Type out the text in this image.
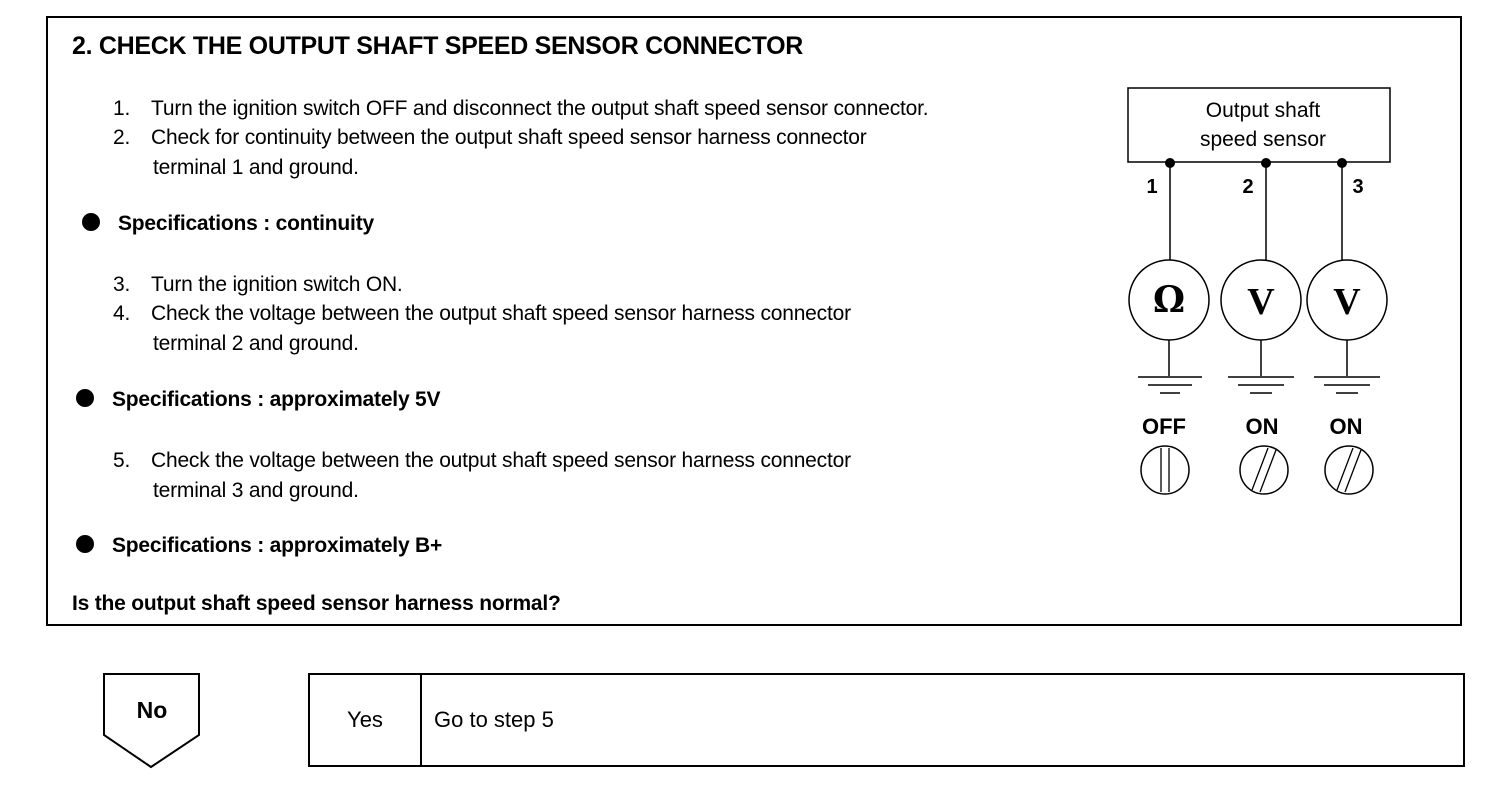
2. CHECK THE OUTPUT SHAFT SPEED SENSOR CONNECTOR
1. Turn the ignition switch OFF and disconnect the output shaft speed sensor connector.
2. Check for continuity between the output shaft speed sensor harness connector
terminal 1 and ground.
Specifications : continuity
3. Turn the ignition switch ON.
4. Check the voltage between the output shaft speed sensor harness connector
terminal 2 and ground.
Specifications : approximately 5V
5. Check the voltage between the output shaft speed sensor harness connector
terminal 3 and ground.
Specifications : approximately B+
Is the output shaft speed sensor harness normal?
Output shaft
speed sensor
1	2	3
Ω V V
OFF	ON ON
No	Yes	Go to step 5
